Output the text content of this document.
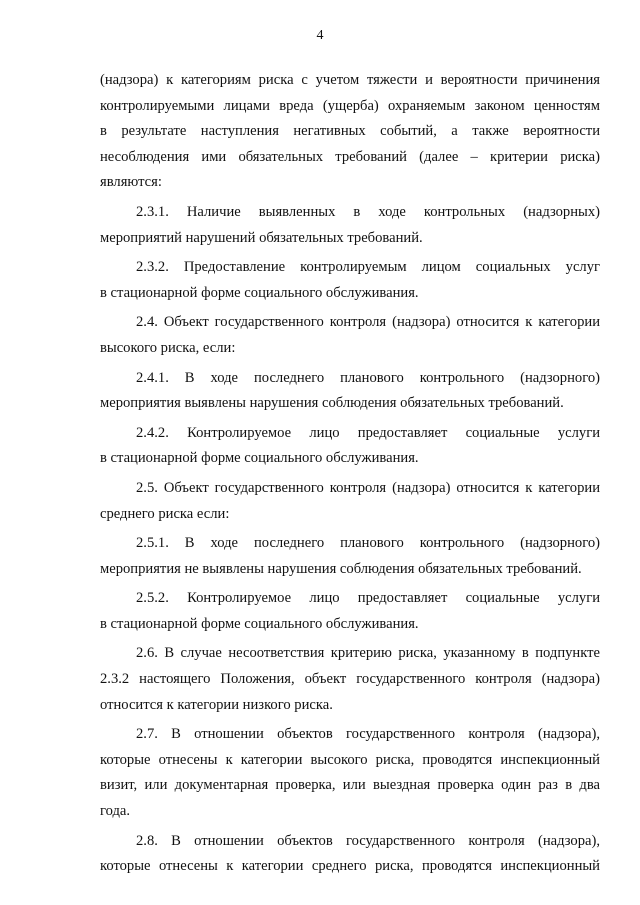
4
(надзора) к категориям риска с учетом тяжести и вероятности причинения
контролируемыми лицами вреда (ущерба) охраняемым законом ценностям
в результате наступления негативных событий, а также вероятности
несоблюдения ими обязательных требований (далее – критерии риска)
являются:
2.3.1. Наличие выявленных в ходе контрольных (надзорных)
мероприятий нарушений обязательных требований.
2.3.2. Предоставление контролируемым лицом социальных услуг
в стационарной форме социального обслуживания.
2.4. Объект государственного контроля (надзора) относится к категории
высокого риска, если:
2.4.1. В ходе последнего планового контрольного (надзорного)
мероприятия выявлены нарушения соблюдения обязательных требований.
2.4.2. Контролируемое лицо предоставляет социальные услуги
в стационарной форме социального обслуживания.
2.5. Объект государственного контроля (надзора) относится к категории
среднего риска если:
2.5.1. В ходе последнего планового контрольного (надзорного)
мероприятия не выявлены нарушения соблюдения обязательных требований.
2.5.2. Контролируемое лицо предоставляет социальные услуги
в стационарной форме социального обслуживания.
2.6. В случае несоответствия критерию риска, указанному в подпункте
2.3.2 настоящего Положения, объект государственного контроля (надзора)
относится к категории низкого риска.
2.7. В отношении объектов государственного контроля (надзора),
которые отнесены к категории высокого риска, проводятся инспекционный
визит, или документарная проверка, или выездная проверка один раз в два
года.
2.8. В отношении объектов государственного контроля (надзора),
которые отнесены к категории среднего риска, проводятся инспекционный
